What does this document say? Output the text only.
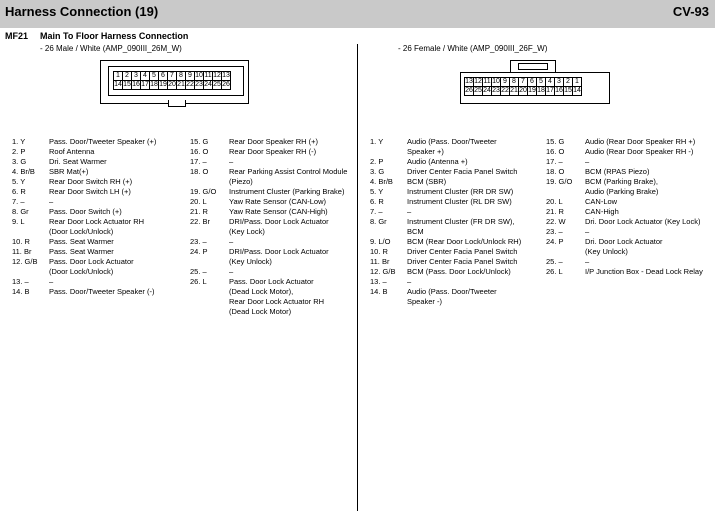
Harness Connection (19)	CV-93
MF21 Main To Floor Harness Connection
- 26 Male / White (AMP_090III_26M_W)	- 26 Female / White (AMP_090III_26F_W)
1	2	3	4	5	6	7	8	9	10	11	12	13
14	15	16	17	18	19	20	21	22	23	24	25	26	13	12	11	10	9	8	7	6	5	4	3	2	1
26	25	24	23	22	21	20	19	18	17	16	15	14
1. Y	Pass. Door/Tweeter Speaker (+)
2. P	Roof Antenna
3. G	Dri. Seat Warmer
4. Br/B SBR Mat(+)
5. Y	Rear Door Switch RH (+)
6. R	Rear Door Switch LH (+)
7. –	–
8. Gr	Pass. Door Switch (+)
9. L	Rear Door Lock Actuator RH
(Door Lock/Unlock)
10. R	Pass. Seat Warmer
11. Br Pass. Seat Warmer
12. G/B Pass. Door Lock Actuator
(Door Lock/Unlock)
13. –	–
14. B	Pass. Door/Tweeter Speaker (-)
15. G	Rear Door Speaker RH (+)
16. O	Rear Door Speaker RH (-)
17. –	–
18. O	Rear Parking Assist Control Module
(Piezo)
19. G/O Instrument Cluster (Parking Brake)
20. L	Yaw Rate Sensor (CAN-Low)
21. R	Yaw Rate Sensor (CAN-High)
22. Br	DRI/Pass. Door Lock Actuator
(Key Lock)
23. –	–
24. P	DRI/Pass. Door Lock Actuator
(Key Unlock)
25. –	–
26. L	Pass. Door Lock Actuator
(Dead Lock Motor),
Rear Door Lock Actuator RH
(Dead Lock Motor)
1. Y	Audio (Pass. Door/Tweeter
Speaker +)
2. P	Audio (Antenna +)
3. G	Driver Center Facia Panel Switch
4. Br/B BCM (SBR)
5. Y	Instrument Cluster (RR DR SW)
6. R	Instrument Cluster (RL DR SW)
7. –	–
8. Gr	Instrument Cluster (FR DR SW),
BCM
9. L/O BCM (Rear Door Lock/Unlock RH)
10. R	Driver Center Facia Panel Switch
11. Br Driver Center Facia Panel Switch
12. G/B BCM (Pass. Door Lock/Unlock)
13. –	–
14. B	Audio (Pass. Door/Tweeter
Speaker -)
15. G	Audio (Rear Door Speaker RH +)
16. O	Audio (Rear Door Speaker RH -)
17. –	–
18. O	BCM (RPAS Piezo)
19. G/O BCM (Parking Brake),
Audio (Parking Brake)
20. L	CAN-Low
21. R	CAN-High
22. W	Dri. Door Lock Actuator (Key Lock)
23. –	–
24. P	Dri. Door Lock Actuator
(Key Unlock)
25. –	–
26. L	I/P Junction Box - Dead Lock Relay
